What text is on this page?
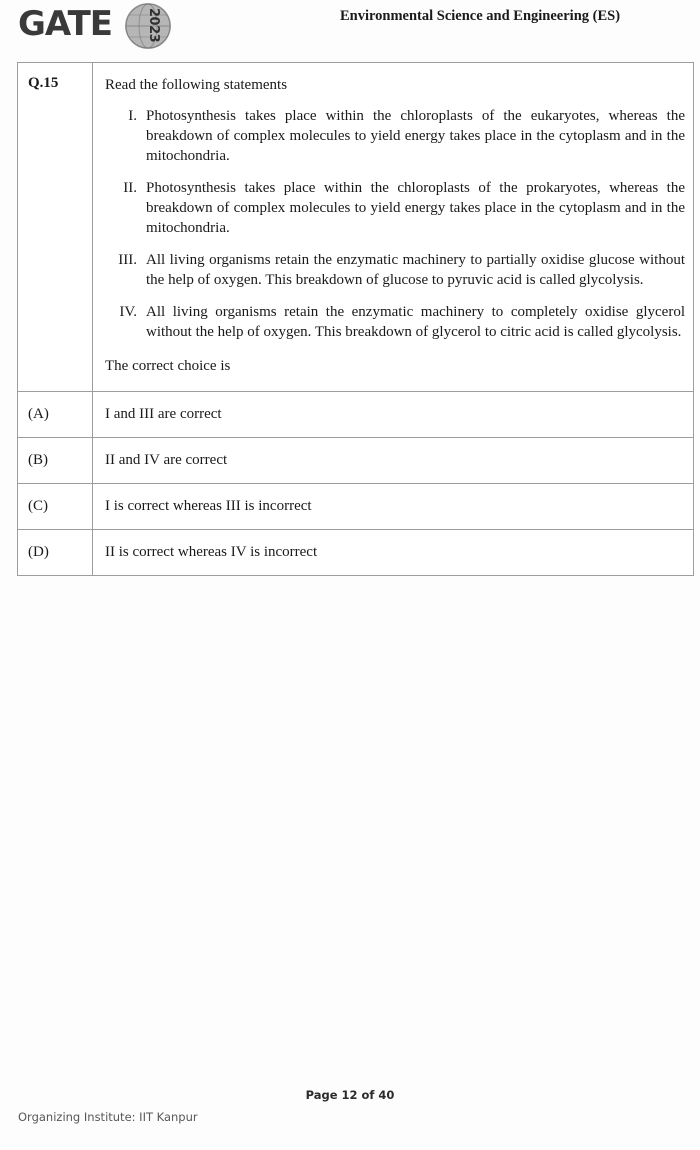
GATE	2023	Environmental Science and Engineering (ES)
Q.15	Read the following statements

I. Photosynthesis takes place within the chloroplasts of the eukaryotes, whereas the breakdown of complex molecules to yield energy takes place in the cytoplasm and in the mitochondria.
II. Photosynthesis takes place within the chloroplasts of the prokaryotes, whereas the breakdown of complex molecules to yield energy takes place in the cytoplasm and in the mitochondria.
III. All living organisms retain the enzymatic machinery to partially oxidise glucose without the help of oxygen. This breakdown of glucose to pyruvic acid is called glycolysis.
IV. All living organisms retain the enzymatic machinery to completely oxidise glycerol without the help of oxygen. This breakdown of glycerol to citric acid is called glycolysis.

The correct choice is

(A)	I and III are correct
(B)	II and IV are correct
(C)	I is correct whereas III is incorrect
(D)	II is correct whereas IV is incorrect
Page 12 of 40
Organizing Institute: IIT Kanpur
